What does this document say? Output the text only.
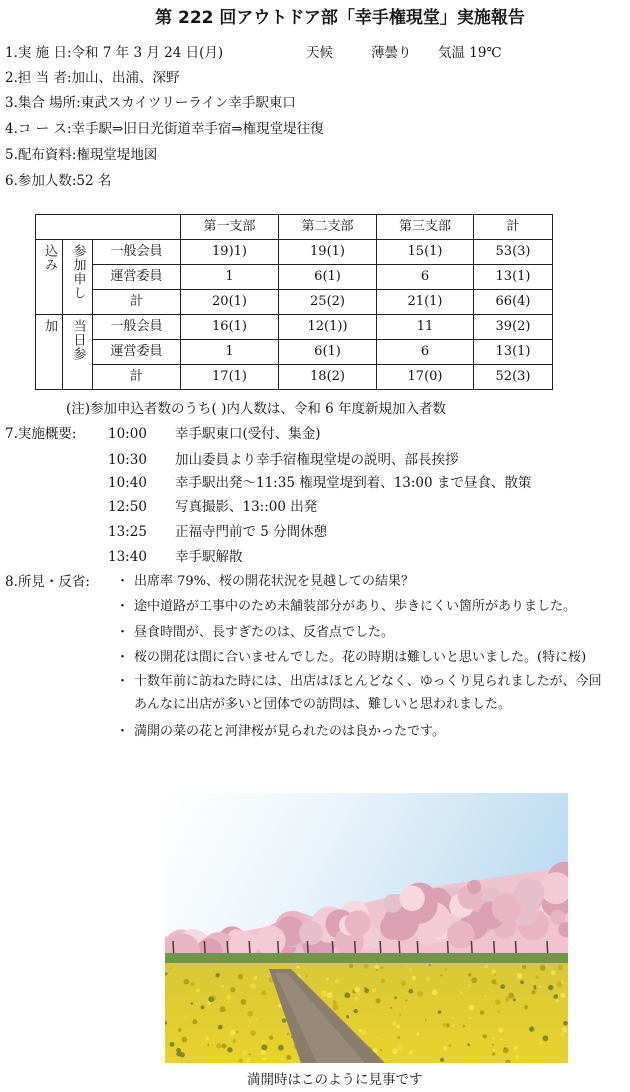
第 222 回アウトドア部「幸手権現堂」実施報告
1.実 施 日:令和 7 年 3 月 24 日(月)	天候	薄曇り 気温 19℃
2.担 当 者:加山、出浦、深野
3.集合 場所:東武スカイツリーライン幸手駅東口
4.コ ー ス:幸手駅⇒旧日光街道幸手宿⇒権現堂堤往復
5.配布資料:権現堂堤地図
6.参加人数:52 名
			第一支部	第二支部	第三支部	計

込み	参加申し	一般会員	19)1)	19(1)	15(1)	53(3)
		運営委員	1	6(1)	6	13(1)
		計	20(1)	25(2)	21(1)	66(4)

加	当日参	一般会員	16(1)	12(1))	11	39(2)
		運営委員	1	6(1)	6	13(1)
		計	17(1)	18(2)	17(0)	52(3)
(注)参加申込者数のうち( )内人数は、令和 6 年度新規加入者数
7.実施概要: 10:00 幸手駅東口(受付、集金)
10:30 加山委員より幸手宿権現堂堤の説明、部長挨拶
10:40 幸手駅出発～11:35 権現堂堤到着、13:00 まで昼食、散策
12:50 写真撮影、13::00 出発
13:25 正福寺門前で 5 分間休憩
13:40 幸手駅解散
8.所見・反省: ・ 出席率 79%、桜の開花状況を見越しての結果？
・ 途中道路が工事中のため未舗装部分があり、歩きにくい箇所がありました。
・ 昼食時間が、長すぎたのは、反省点でした。
・ 桜の開花は間に合いませんでした。花の時期は難しいと思いました。(特に桜)
・ 十数年前に訪ねた時には、出店はほとんどなく、ゆっくり見られましたが、今回
あんなに出店が多いと団体での訪問は、難しいと思われました。
・ 満開の菜の花と河津桜が見られたのは良かったです。
満開時はこのように見事です
